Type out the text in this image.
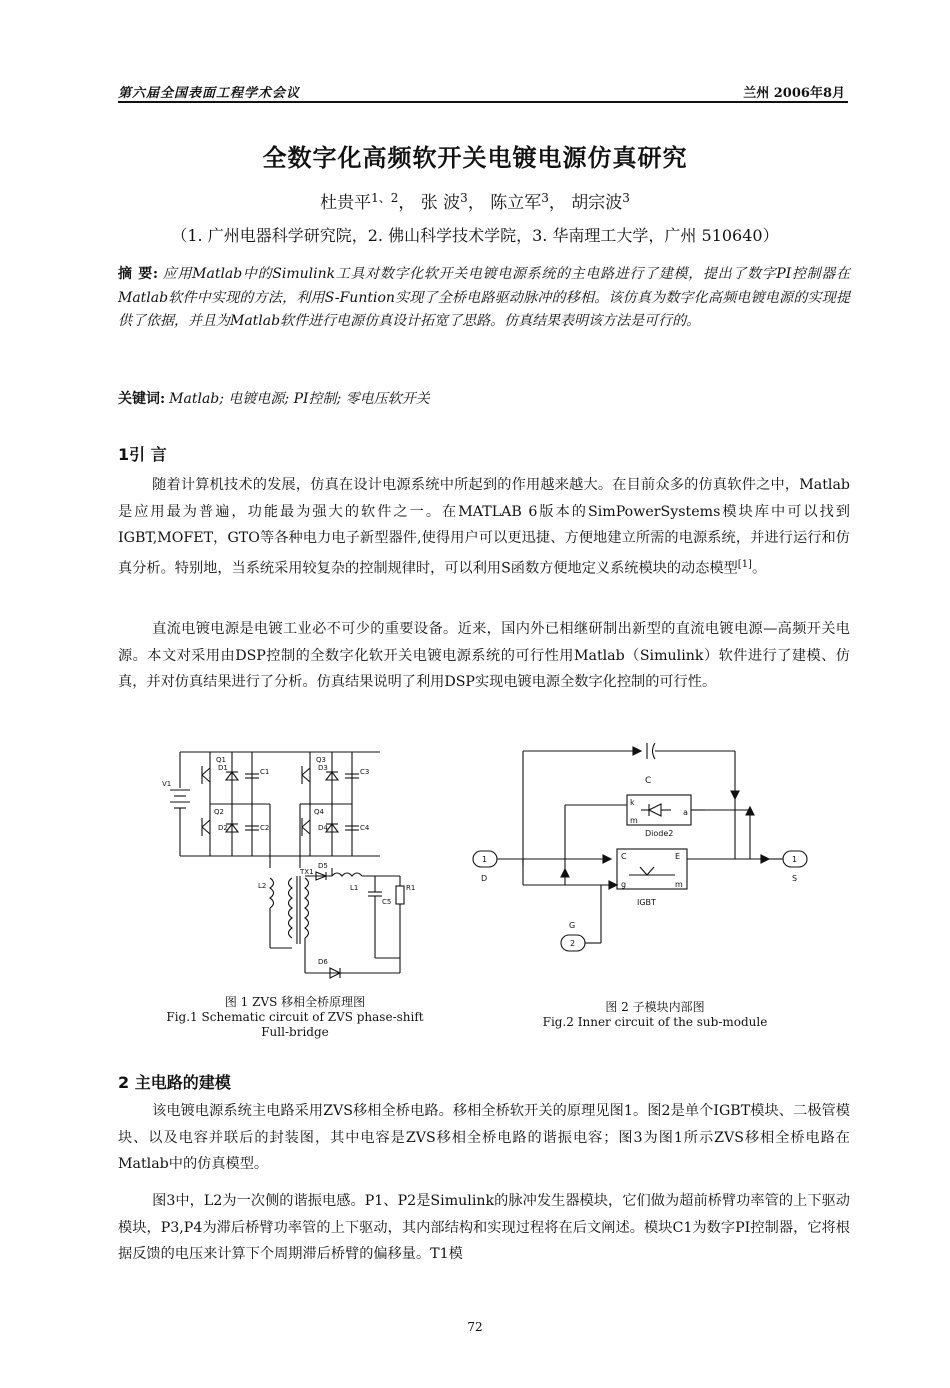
第六届全国表面工程学术会议	兰州 2006年8月
全数字化高频软开关电镀电源仿真研究
杜贵平$^{1、2}$， 张 波$^3$， 陈立军$^3$， 胡宗波$^3$
（1. 广州电器科学研究院，2. 佛山科学技术学院，3. 华南理工大学，广州 510640）
摘 要: 应用Matlab中的Simulink工具对数字化软开关电镀电源系统的主电路进行了建模，提出了数字PI控制器在Matlab软件中实现的方法，利用S-Funtion实现了全桥电路驱动脉冲的移相。该仿真为数字化高频电镀电源的实现提供了依据，并且为Matlab软件进行电源仿真设计拓宽了思路。仿真结果表明该方法是可行的。
关键词: Matlab; 电镀电源; PI控制; 零电压软开关
1引 言
随着计算机技术的发展，仿真在设计电源系统中所起到的作用越来越大。在目前众多的仿真软件之中，Matlab是应用最为普遍，功能最为强大的软件之一。在MATLAB 6版本的SimPowerSystems模块库中可以找到IGBT,MOFET，GTO等各种电力电子新型器件,使得用户可以更迅捷、方便地建立所需的电源系统，并进行运行和仿真分析。特别地，当系统采用较复杂的控制规律时，可以利用S函数方便地定义系统模块的动态模型[1]。
直流电镀电源是电镀工业必不可少的重要设备。近来，国内外已相继研制出新型的直流电镀电源—高频开关电源。本文对采用由DSP控制的全数字化软开关电镀电源系统的可行性用Matlab（Simulink）软件进行了建模、仿真，并对仿真结果进行了分析。仿真结果说明了利用DSP实现电镀电源全数字化控制的可行性。
Q1
D1	C1
Q3
D3	C3
V1
Q2
D2	C2
Q4
D4	C4
D5
L2
TX1
L1
C5
R1
D6
图 1 ZVS 移相全桥原理图
Fig.1 Schematic circuit of ZVS phase-shift
Full-bridge
C
k
m
a
Diode2
C	E
g	m
IGBT
1
D
1
S
2
G
图 2 子模块内部图
Fig.2 Inner circuit of the sub-module
2 主电路的建模
该电镀电源系统主电路采用ZVS移相全桥电路。移相全桥软开关的原理见图1。图2是单个IGBT模块、二极管模块、以及电容并联后的封装图，其中电容是ZVS移相全桥电路的谐振电容；图3为图1所示ZVS移相全桥电路在Matlab中的仿真模型。
图3中，L2为一次侧的谐振电感。P1、P2是Simulink的脉冲发生器模块，它们做为超前桥臂功率管的上下驱动模块，P3,P4为滞后桥臂功率管的上下驱动，其内部结构和实现过程将在后文阐述。模块C1为数字PI控制器，它将根据反馈的电压来计算下个周期滞后桥臂的偏移量。T1模
72
